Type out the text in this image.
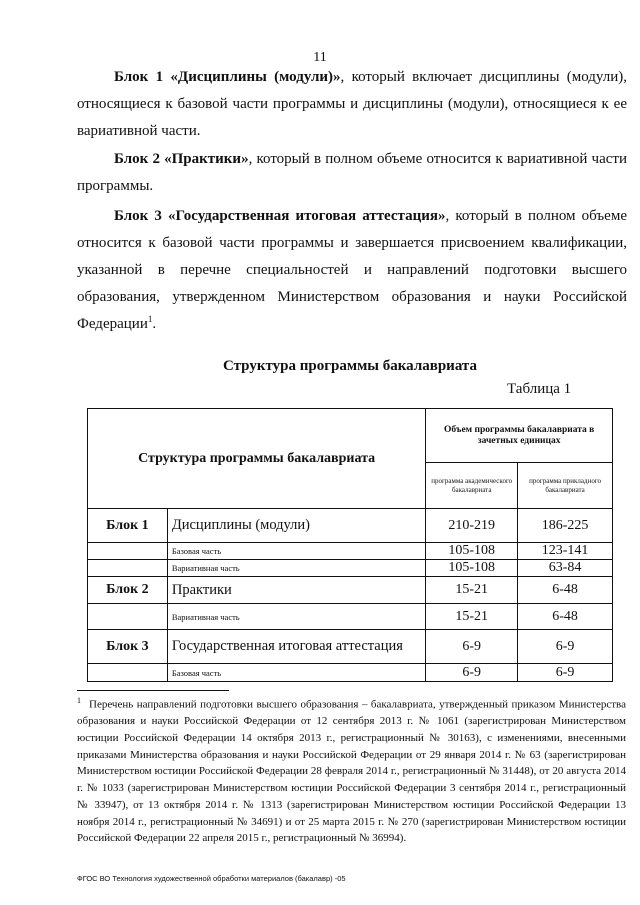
11

Блок 1 «Дисциплины (модули)», который включает дисциплины (модули), относящиеся к базовой части программы и дисциплины (модули), относящиеся к ее вариативной части.

Блок 2 «Практики», который в полном объеме относится к вариативной части программы.

Блок 3 «Государственная итоговая аттестация», который в полном объеме относится к базовой части программы и завершается присвоением квалификации, указанной в перечне специальностей и направлений подготовки высшего образования, утвержденном Министерством образования и науки Российской Федерации$^1$.

Структура программы бакалавриата
Таблица 1
Структура программы бакалавриата		Объем программы бакалавриата в зачетных единицах	
		программа академического бакалавриата	программа прикладного бакалавриата
Блок 1	Дисциплины (модули)	210-219	186-225
	Базовая часть	105-108	123-141
	Вариативная часть	105-108	63-84
Блок 2	Практики	15-21	6-48
	Вариативная часть	15-21	6-48
Блок 3	Государственная итоговая аттестация	6-9	6-9
	Базовая часть	6-9	6-9

$^1$ Перечень направлений подготовки высшего образования – бакалавриата, утвержденный приказом Министерства образования и науки Российской Федерации от 12 сентября 2013 г. № 1061 (зарегистрирован Министерством юстиции Российской Федерации 14 октября 2013 г., регистрационный № 30163), с изменениями, внесенными приказами Министерства образования и науки Российской Федерации от 29 января 2014 г. № 63 (зарегистрирован Министерством юстиции Российской Федерации 28 февраля 2014 г., регистрационный № 31448), от 20 августа 2014 г. № 1033 (зарегистрирован Министерством юстиции Российской Федерации 3 сентября 2014 г., регистрационный № 33947), от 13 октября 2014 г. № 1313 (зарегистрирован Министерством юстиции Российской Федерации 13 ноября 2014 г., регистрационный № 34691) и от 25 марта 2015 г. № 270 (зарегистрирован Министерством юстиции Российской Федерации 22 апреля 2015 г., регистрационный № 36994).

ФГОС ВО Технология художественной обработки материалов (бакалавр) -05
